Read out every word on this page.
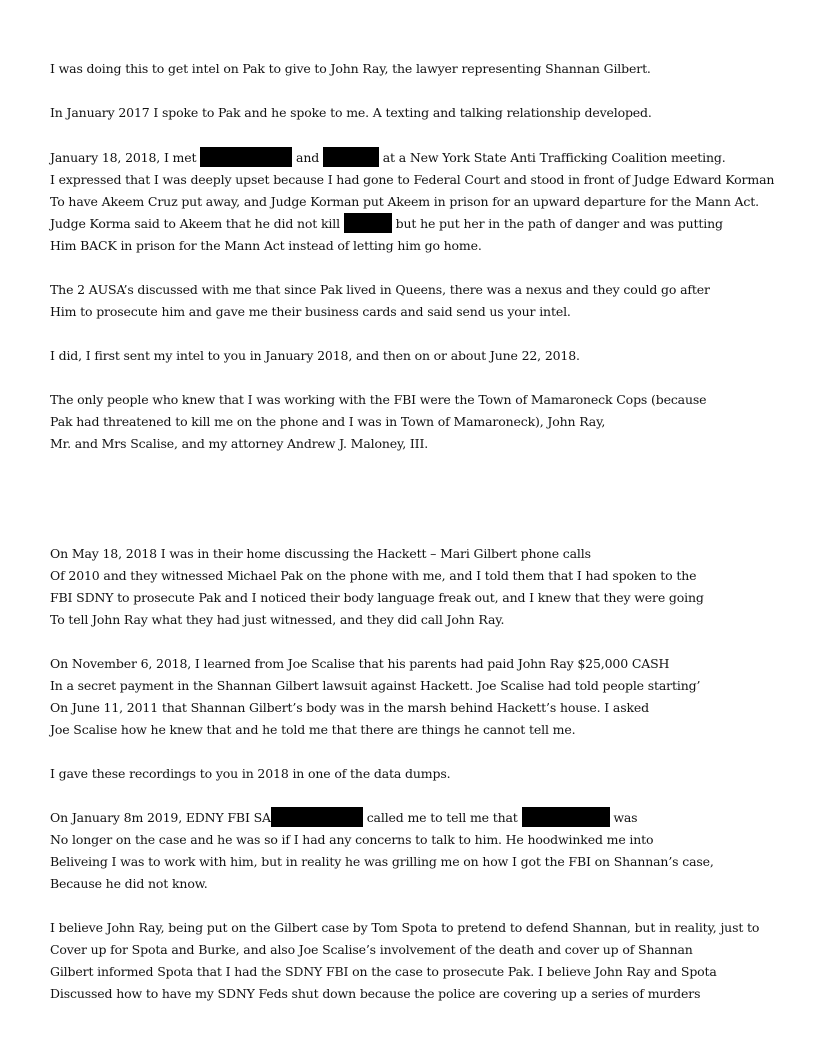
I was doing this to get intel on Pak to give to John Ray, the lawyer representing Shannan Gilbert.
In January 2017 I spoke to Pak and he spoke to me. A texting and talking relationship developed.
January 18, 2018, I met	and	at a New York State Anti Trafficking Coalition meeting.
I expressed that I was deeply upset because I had gone to Federal Court and stood in front of Judge Edward Korman
To have Akeem Cruz put away, and Judge Korman put Akeem in prison for an upward departure for the Mann Act.
Judge Korma said to Akeem that he did not kill	but he put her in the path of danger and was putting
Him BACK in prison for the Mann Act instead of letting him go home.
The 2 AUSA’s discussed with me that since Pak lived in Queens, there was a nexus and they could go after
Him to prosecute him and gave me their business cards and said send us your intel.
I did, I first sent my intel to you in January 2018, and then on or about June 22, 2018.
The only people who knew that I was working with the FBI were the Town of Mamaroneck Cops (because
Pak had threatened to kill me on the phone and I was in Town of Mamaroneck), John Ray,
Mr. and Mrs Scalise, and my attorney Andrew J. Maloney, III.
On May 18, 2018 I was in their home discussing the Hackett – Mari Gilbert phone calls
Of 2010 and they witnessed Michael Pak on the phone with me, and I told them that I had spoken to the
FBI SDNY to prosecute Pak and I noticed their body language freak out, and I knew that they were going
To tell John Ray what they had just witnessed, and they did call John Ray.
On November 6, 2018, I learned from Joe Scalise that his parents had paid John Ray $25,000 CASH
In a secret payment in the Shannan Gilbert lawsuit against Hackett. Joe Scalise had told people starting’
On June 11, 2011 that Shannan Gilbert’s body was in the marsh behind Hackett’s house. I asked
Joe Scalise how he knew that and he told me that there are things he cannot tell me.
I gave these recordings to you in 2018 in one of the data dumps.
On January 8m 2019, EDNY FBI SA	called me to tell me that	was
No longer on the case and he was so if I had any concerns to talk to him. He hoodwinked me into
Beliveing I was to work with him, but in reality he was grilling me on how I got the FBI on Shannan’s case,
Because he did not know.
I believe John Ray, being put on the Gilbert case by Tom Spota to pretend to defend Shannan, but in reality, just to
Cover up for Spota and Burke, and also Joe Scalise’s involvement of the death and cover up of Shannan
Gilbert informed Spota that I had the SDNY FBI on the case to prosecute Pak. I believe John Ray and Spota
Discussed how to have my SDNY Feds shut down because the police are covering up a series of murders
